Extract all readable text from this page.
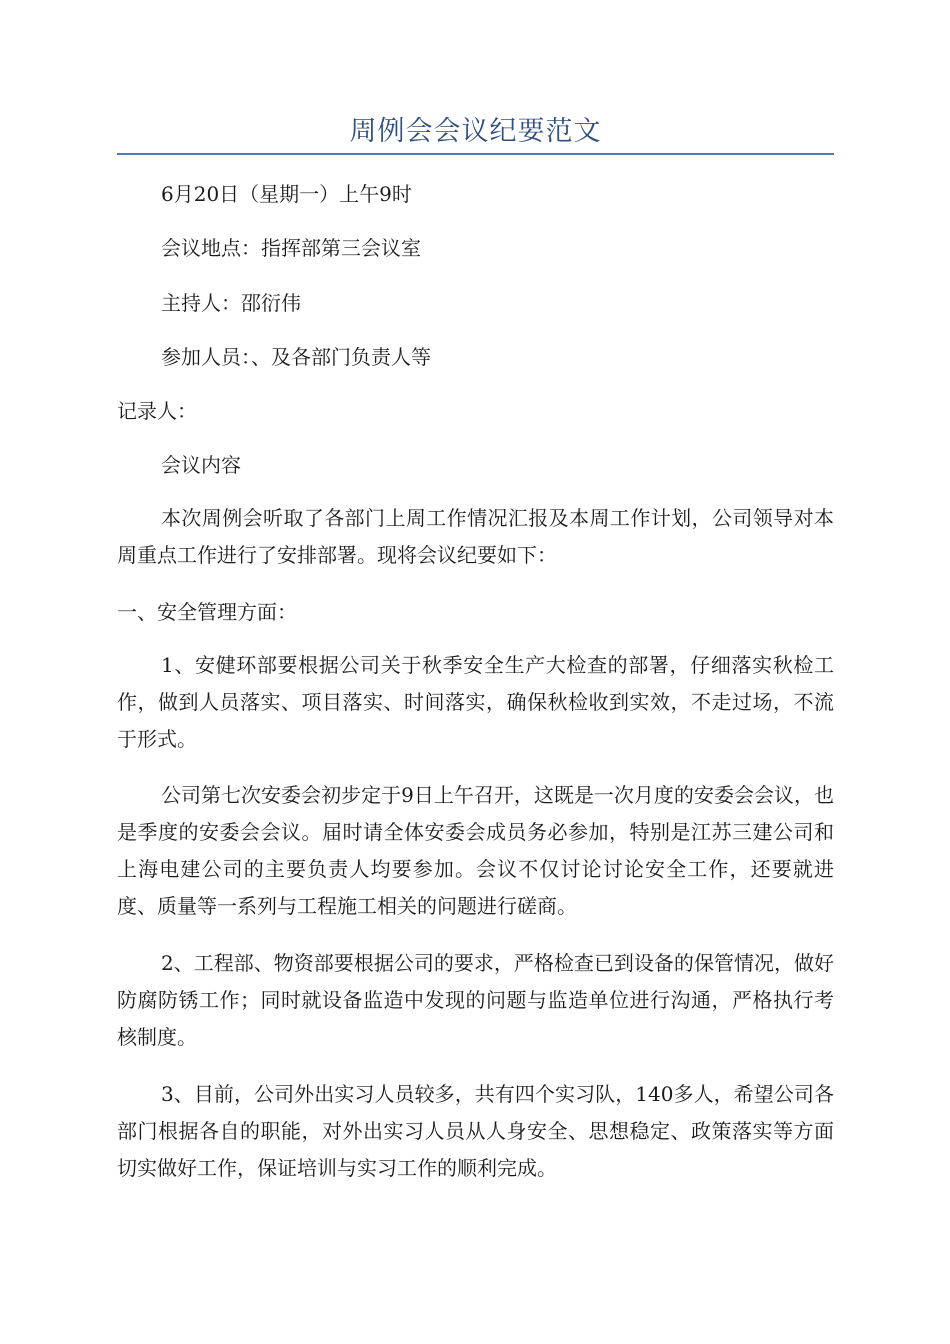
周例会会议纪要范文
6月20日（星期一）上午9时
会议地点：指挥部第三会议室
主持人：邵衍伟
参加人员：、及各部门负责人等
记录人：
会议内容
本次周例会听取了各部门上周工作情况汇报及本周工作计划，公司领导对本周重点工作进行了安排部署。现将会议纪要如下：
一、安全管理方面：
1、安健环部要根据公司关于秋季安全生产大检查的部署，仔细落实秋检工作，做到人员落实、项目落实、时间落实，确保秋检收到实效，不走过场，不流于形式。
公司第七次安委会初步定于9日上午召开，这既是一次月度的安委会会议，也是季度的安委会会议。届时请全体安委会成员务必参加，特别是江苏三建公司和上海电建公司的主要负责人均要参加。会议不仅讨论讨论安全工作，还要就进度、质量等一系列与工程施工相关的问题进行磋商。
2、工程部、物资部要根据公司的要求，严格检查已到设备的保管情况，做好防腐防锈工作；同时就设备监造中发现的问题与监造单位进行沟通，严格执行考核制度。
3、目前，公司外出实习人员较多，共有四个实习队，140多人，希望公司各部门根据各自的职能，对外出实习人员从人身安全、思想稳定、政策落实等方面切实做好工作，保证培训与实习工作的顺利完成。
